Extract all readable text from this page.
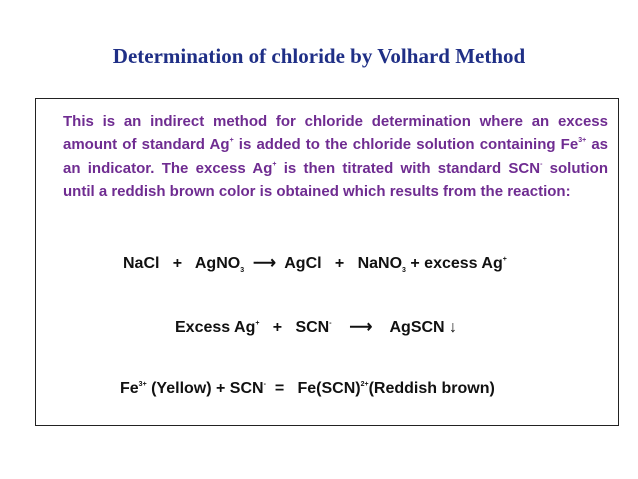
Determination of chloride by Volhard Method
This is an indirect method for chloride determination where an excess amount of standard Ag+ is added to the chloride solution containing $Fe^{3+}$ as an indicator. The excess Ag+ is then titrated with standard SCN- solution until a reddish brown color is obtained which results from the reaction:
NaCl   +   AgNO$_3$  ⟶  AgCl   +   NaNO$_3$ + excess Ag+
Excess Ag+   +   SCN-    ⟶    AgSCN ↓
$Fe^{3+}$ (Yellow) + SCN-  =   Fe(SCN)$^{2+}$(Reddish brown)
